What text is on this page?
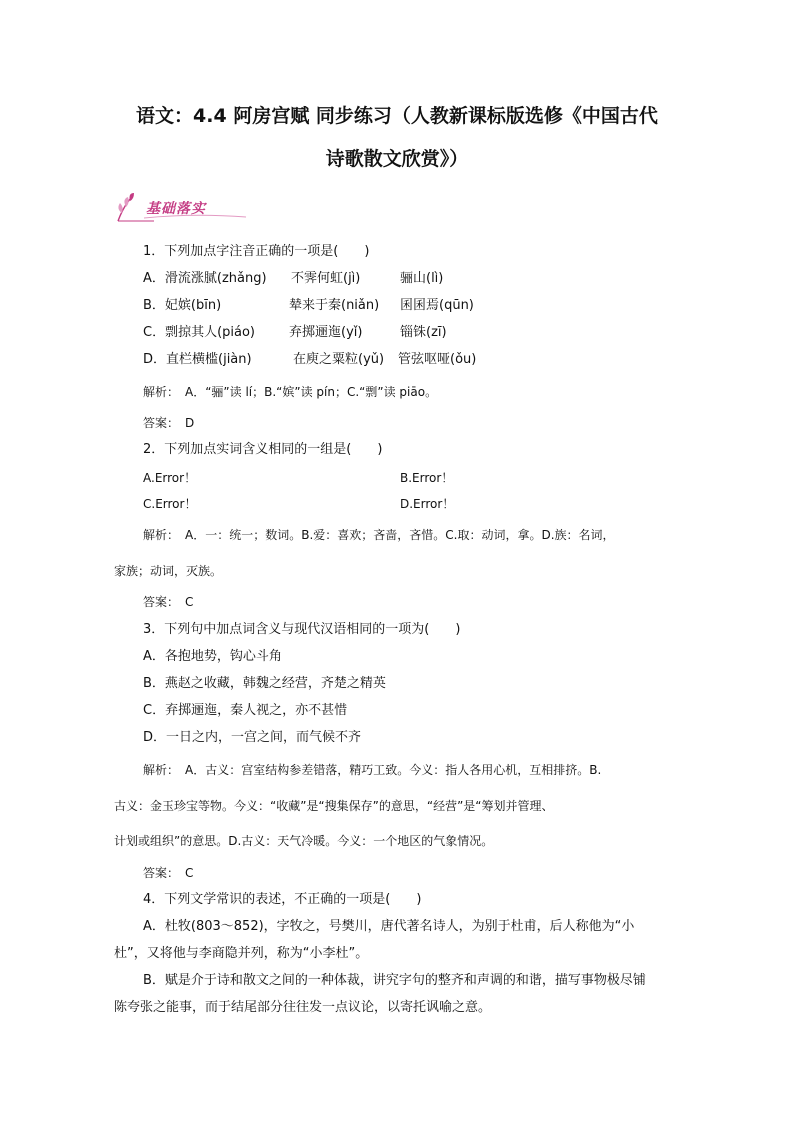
语文：4.4 阿房宫赋 同步练习（人教新课标版选修《中国古代
诗歌散文欣赏》）
基础落实
1．下列加点字注音正确的一项是(　　)
A．滑流涨腻(zhǎng) 不霁何虹(jì)	骊山(lì)
B．妃嫔(bīn)	辇来于秦(niǎn) 囷囷焉(qūn)
C．剽掠其人(piáo)	弃掷逦迤(yǐ)	锱铢(zī)
D．直栏横槛(jiàn)	在庾之粟粒(yǔ) 管弦呕哑(ǒu)
解析：　A．“骊”读 lí；B.“嫔”读 pín；C.“剽”读 piāo。
答案：　D
2．下列加点实词含义相同的一组是(　　)
A.Error！	B.Error！
C.Error！	D.Error！
解析：　A．一：统一；数词。B.爱：喜欢；吝啬，吝惜。C.取：动词，拿。D.族：名词，
家族；动词，灭族。
答案：　C
3．下列句中加点词含义与现代汉语相同的一项为(　　)
A．各抱地势，钩心斗角
B．燕赵之收藏，韩魏之经营，齐楚之精英
C．弃掷逦迤，秦人视之，亦不甚惜
D．一日之内，一宫之间，而气候不齐
解析：　A．古义：宫室结构参差错落，精巧工致。今义：指人各用心机，互相排挤。B.
古义：金玉珍宝等物。今义：“收藏”是“搜集保存”的意思，“经营”是“筹划并管理、
计划或组织”的意思。D.古义：天气冷暖。今义：一个地区的气象情况。
答案：　C
4．下列文学常识的表述，不正确的一项是(　　)
A．杜牧(803～852)，字牧之，号樊川，唐代著名诗人，为别于杜甫，后人称他为“小
杜”，又将他与李商隐并列，称为“小李杜”。
B．赋是介于诗和散文之间的一种体裁，讲究字句的整齐和声调的和谐，描写事物极尽铺
陈夸张之能事，而于结尾部分往往发一点议论，以寄托讽喻之意。
